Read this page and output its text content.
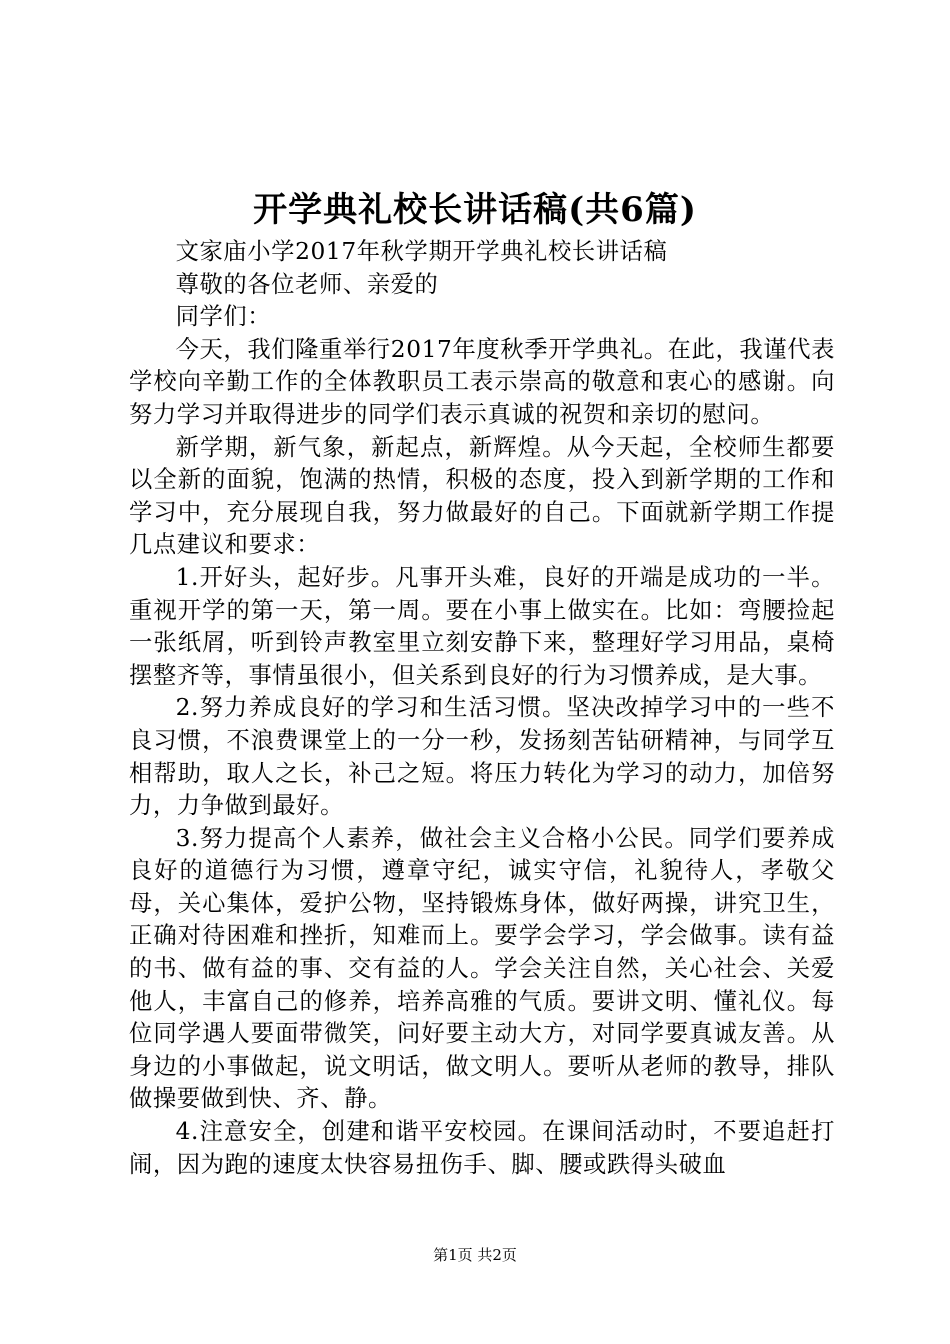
开学典礼校长讲话稿(共6篇)

文家庙小学2017年秋学期开学典礼校长讲话稿

尊敬的各位老师、亲爱的

同学们：

今天，我们隆重举行2017年度秋季开学典礼。在此，我谨代表学校向辛勤工作的全体教职员工表示崇高的敬意和衷心的感谢。向努力学习并取得进步的同学们表示真诚的祝贺和亲切的慰问。

新学期，新气象，新起点，新辉煌。从今天起，全校师生都要以全新的面貌，饱满的热情，积极的态度，投入到新学期的工作和学习中，充分展现自我，努力做最好的自己。下面就新学期工作提几点建议和要求：

1.开好头，起好步。凡事开头难，良好的开端是成功的一半。重视开学的第一天，第一周。要在小事上做实在。比如：弯腰捡起一张纸屑，听到铃声教室里立刻安静下来，整理好学习用品，桌椅摆整齐等，事情虽很小，但关系到良好的行为习惯养成，是大事。

2.努力养成良好的学习和生活习惯。坚决改掉学习中的一些不良习惯，不浪费课堂上的一分一秒，发扬刻苦钻研精神，与同学互相帮助，取人之长，补己之短。将压力转化为学习的动力，加倍努力，力争做到最好。

3.努力提高个人素养，做社会主义合格小公民。同学们要养成良好的道德行为习惯，遵章守纪，诚实守信，礼貌待人，孝敬父母，关心集体，爱护公物，坚持锻炼身体，做好两操，讲究卫生，正确对待困难和挫折，知难而上。要学会学习，学会做事。读有益的书、做有益的事、交有益的人。学会关注自然，关心社会、关爱他人，丰富自己的修养，培养高雅的气质。要讲文明、懂礼仪。每位同学遇人要面带微笑，问好要主动大方，对同学要真诚友善。从身边的小事做起，说文明话，做文明人。要听从老师的教导，排队做操要做到快、齐、静。

4.注意安全，创建和谐平安校园。在课间活动时，不要追赶打闹，因为跑的速度太快容易扭伤手、脚、腰或跌得头破血

第1页 共2页
